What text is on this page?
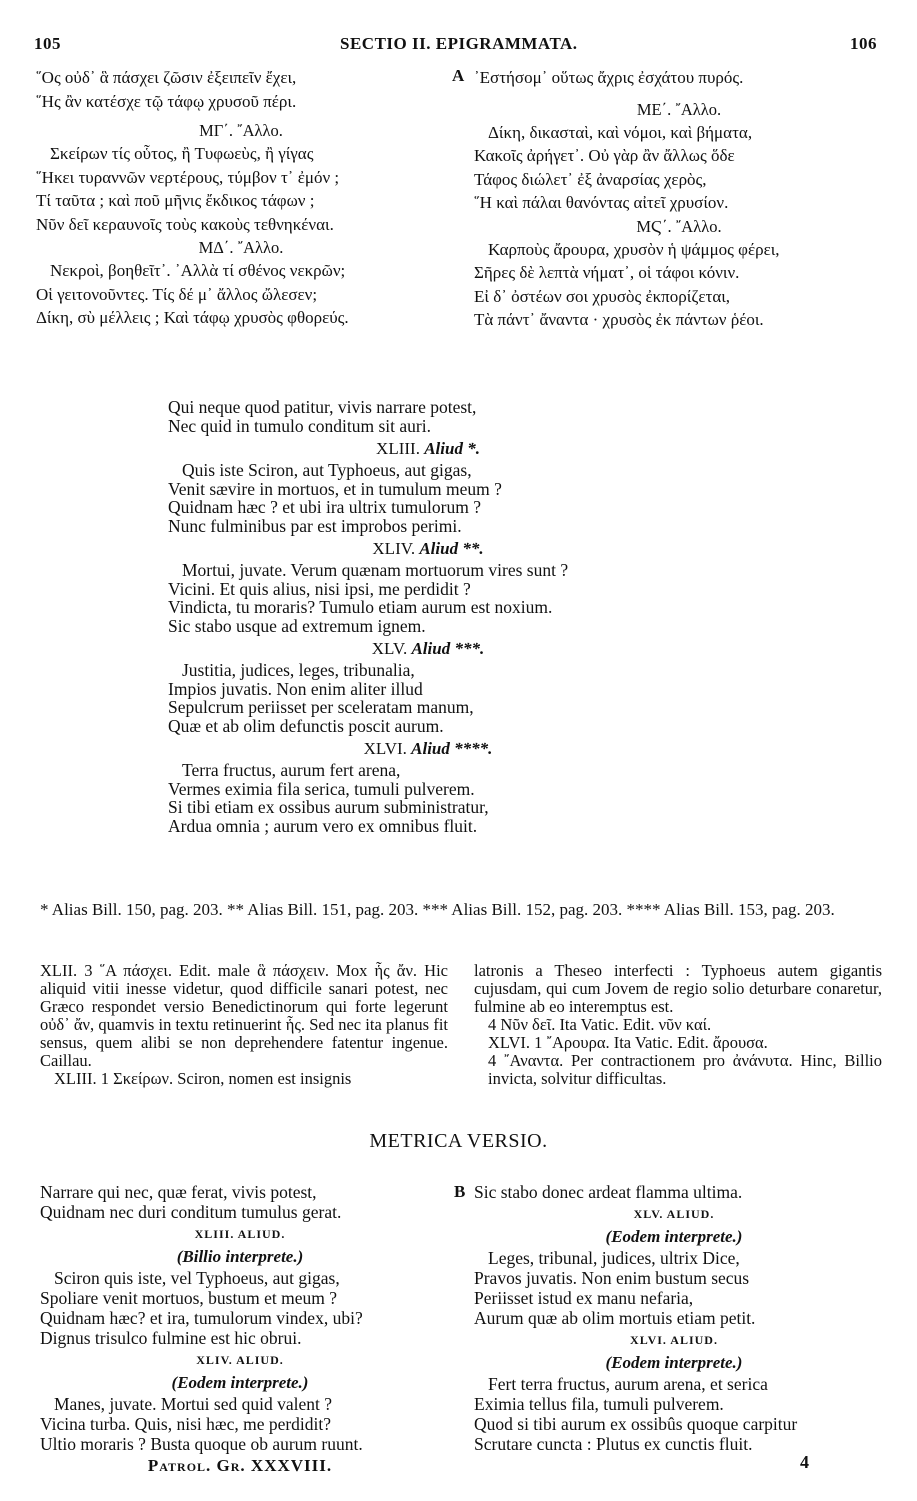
105	SECTIO II. EPIGRAMMATA.	106
῞Ος οὐδ᾽ ἃ πάσχει ζῶσιν ἐξειπεῖν ἔχει,
῞Ης ἂν κατέσχε τῷ τάφῳ χρυσοῦ πέρι.
ΜΓ΄. ῎Αλλο.
Σκείρων τίς οὗτος, ἢ Τυφωεὺς, ἢ γίγας
῞Ηκει τυραννῶν νερτέρους, τύμβον τ᾽ ἐμόν ;
Τί ταῦτα ; καὶ ποῦ μῆνις ἔκδικος τάφων ;
Νῦν δεῖ κεραυνοῖς τοὺς κακοὺς τεθνηκέναι.
ΜΔ΄. ῎Αλλο.
Νεκροὶ, βοηθεῖτ᾽. ᾽Αλλὰ τί σθένος νεκρῶν;
Οἱ γειτονοῦντες. Τίς δέ μ᾽ ἄλλος ὤλεσεν;
Δίκη, σὺ μέλλεις ; Καὶ τάφῳ χρυσὸς φθορεύς.
A ᾽Εστήσομ᾽ οὕτως ἄχρις ἐσχάτου πυρός.
ΜΕ΄. ῎Αλλο.
Δίκη, δικασταὶ, καὶ νόμοι, καὶ βήματα,
Κακοῖς ἀρήγετ᾽. Οὐ γὰρ ἂν ἄλλως ὅδε
Τάφος διώλετ᾽ ἐξ ἀναρσίας χερὸς,
῞Η καὶ πάλαι θανόντας αἰτεῖ χρυσίον.
ΜϚ΄. ῎Αλλο.
Καρποὺς ἄρουρα, χρυσὸν ἡ ψάμμος φέρει,
Σῆρες δὲ λεπτὰ νήματ᾽, οἱ τάφοι κόνιν.
Εἰ δ᾽ ὀστέων σοι χρυσὸς ἐκπορίζεται,
Τὰ πάντ᾽ ἄναντα · χρυσὸς ἐκ πάντων ῥέοι.
Qui neque quod patitur, vivis narrare potest,
Nec quid in tumulo conditum sit auri.
XLIII. Aliud *.
Quis iste Sciron, aut Typhoeus, aut gigas,
Venit sævire in mortuos, et in tumulum meum ?
Quidnam hæc ? et ubi ira ultrix tumulorum ?
Nunc fulminibus par est improbos perimi.
XLIV. Aliud **.
Mortui, juvate. Verum quænam mortuorum vires sunt ?
Vicini. Et quis alius, nisi ipsi, me perdidit ?
Vindicta, tu moraris? Tumulo etiam aurum est noxium.
Sic stabo usque ad extremum ignem.
XLV. Aliud ***.
Justitia, judices, leges, tribunalia,
Impios juvatis. Non enim aliter illud
Sepulcrum periisset per sceleratam manum,
Quæ et ab olim defunctis poscit aurum.
XLVI. Aliud ****.
Terra fructus, aurum fert arena,
Vermes eximia fila serica, tumuli pulverem.
Si tibi etiam ex ossibus aurum subministratur,
Ardua omnia ; aurum vero ex omnibus fluit.
* Alias Bill. 150, pag. 203. ** Alias Bill. 151, pag. 203. *** Alias Bill. 152, pag. 203. **** Alias Bill. 153, pag. 203.

XLII. 3 ῞Α πάσχει. Edit. male ἃ πάσχειν. Mox ἧς ἄν. Hic aliquid vitii inesse videtur, quod difficile sanari potest, nec Græco respondet versio Benedictinorum qui forte legerunt οὐδ᾽ ἄν, quamvis in textu retinuerint ἧς. Sed nec ita planus fit sensus, quem alibi se non deprehendere fatentur ingenue. Caillau.

XLIII. 1 Σκείρων. Sciron, nomen est insignis

latronis a Theseo interfecti : Typhoeus autem gigantis cujusdam, qui cum Jovem de regio solio deturbare conaretur, fulmine ab eo interemptus est.

4 Νῦν δεῖ. Ita Vatic. Edit. νῦν καί.

XLVI. 1 ῎Αρουρα. Ita Vatic. Edit. ἄρουσα.

4 ῎Αναντα. Per contractionem pro ἀνάνυτα. Hinc, Billio invicta, solvitur difficultas.

METRICA VERSIO.
Narrare qui nec, quæ ferat, vivis potest,
Quidnam nec duri conditum tumulus gerat.
XLIII. ALIUD.
(Billio interprete.)
Sciron quis iste, vel Typhoeus, aut gigas,
Spoliare venit mortuos, bustum et meum ?
Quidnam hæc? et ira, tumulorum vindex, ubi?
Dignus trisulco fulmine est hic obrui.
XLIV. ALIUD.
(Eodem interprete.)
Manes, juvate. Mortui sed quid valent ?
Vicina turba. Quis, nisi hæc, me perdidit?
Ultio moraris ? Busta quoque ob aurum ruunt.
Patrol. Gr. XXXVIII.
B Sic stabo donec ardeat flamma ultima.
XLV. ALIUD.
(Eodem interprete.)
Leges, tribunal, judices, ultrix Dice,
Pravos juvatis. Non enim bustum secus
Periisset istud ex manu nefaria,
Aurum quæ ab olim mortuis etiam petit.
XLVI. ALIUD.
(Eodem interprete.)
Fert terra fructus, aurum arena, et serica
Eximia tellus fila, tumuli pulverem.
Quod si tibi aurum ex ossibûs quoque carpitur
Scrutare cuncta : Plutus ex cunctis fluit.
4
